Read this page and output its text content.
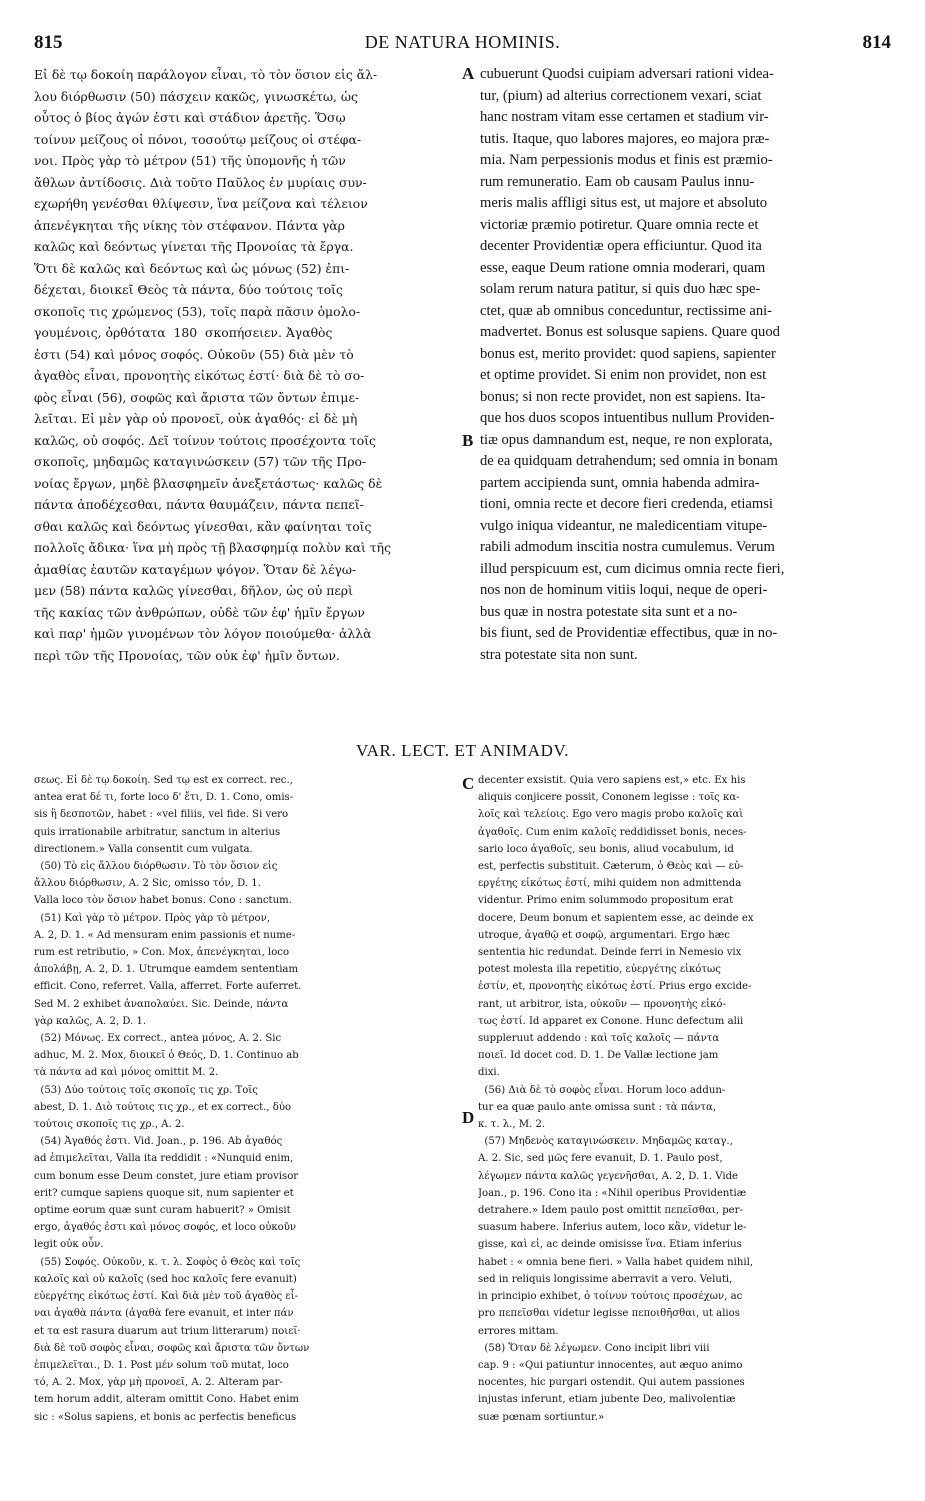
815	DE NATURA HOMINIS.	814
Εἰ δὲ τῳ δοκοίη παράλογον εἶναι, τὸ τὸν ὅσιον εἰς ἄλ-
λου διόρθωσιν (50) πάσχειν κακῶς, γινωσκέτω, ὡς
οὗτος ὁ βίος ἀγών ἐστι καὶ στάδιον ἀρετῆς. Ὅσῳ
τοίνυν μείζους οἱ πόνοι, τοσούτῳ μείζους οἱ στέφα-
νοι. Πρὸς γὰρ τὸ μέτρον (51) τῆς ὑπομονῆς ἡ τῶν
ἄθλων ἀντίδοσις. Διὰ τοῦτο Παῦλος ἐν μυρίαις συν-
εχωρήθη γενέσθαι θλίψεσιν, ἵνα μείζονα καὶ τέλειον
ἀπενέγκηται τῆς νίκης τὸν στέφανον. Πάντα γὰρ
καλῶς καὶ δεόντως γίνεται τῆς Προνοίας τὰ ἔργα.
Ὅτι δὲ καλῶς καὶ δεόντως καὶ ὡς μόνως (52) ἐπι-
δέχεται, διοικεῖ Θεὸς τὰ πάντα, δύο τούτοις τοῖς
σκοποῖς τις χρώμενος (53), τοῖς παρὰ πᾶσιν ὁμολο-
γουμένοις, ὀρθότατα  180  σκοπήσειεν. Ἀγαθὸς
ἐστι (54) καὶ μόνος σοφός. Οὐκοῦν (55) διὰ μὲν τὸ
ἀγαθὸς εἶναι, προνοητὴς εἰκότως ἐστί· διὰ δὲ τὸ σο-
φὸς εἶναι (56), σοφῶς καὶ ἄριστα τῶν ὄντων ἐπιμε-
λεῖται. Εἰ μὲν γὰρ οὐ προνοεῖ, οὐκ ἀγαθός· εἰ δὲ μὴ
καλῶς, οὐ σοφός. Δεῖ τοίνυν τούτοις προσέχοντα τοῖς
σκοποῖς, μηδαμῶς καταγινώσκειν (57) τῶν τῆς Προ-
νοίας ἔργων, μηδὲ βλασφημεῖν ἀνεξετάστως· καλῶς δὲ
πάντα ἀποδέχεσθαι, πάντα θαυμάζειν, πάντα πεπεῖ-
σθαι καλῶς καὶ δεόντως γίνεσθαι, κἂν φαίνηται τοῖς
πολλοῖς ἄδικα· ἵνα μὴ πρὸς τῇ βλασφημίᾳ πολὺν καὶ τῆς
ἀμαθίας ἑαυτῶν καταγέμων ψόγον. Ὅταν δὲ λέγω-
μεν (58) πάντα καλῶς γίνεσθαι, δῆλον, ὡς οὐ περὶ
τῆς κακίας τῶν ἀνθρώπων, οὐδὲ τῶν ἐφ' ἡμῖν ἔργων
καὶ παρ' ἡμῶν γινομένων τὸν λόγον ποιούμεθα· ἀλλὰ
περὶ τῶν τῆς Προνοίας, τῶν οὐκ ἐφ' ἡμῖν ὄντων.
A
B
cubuerunt Quodsi cuipiam adversari rationi videa-
tur, (pium) ad alterius correctionem vexari, sciat
hanc nostram vitam esse certamen et stadium vir-
tutis. Itaque, quo labores majores, eo majora præ-
mia. Nam perpessionis modus et finis est præmio-
rum remuneratio. Eam ob causam Paulus innu-
meris malis affligi situs est, ut majore et absoluto
victoriæ præmio potiretur. Quare omnia recte et
decenter Providentiæ opera efficiuntur. Quod ita
esse, eaque Deum ratione omnia moderari, quam
solam rerum natura patitur, si quis duo hæc spe-
ctet, quæ ab omnibus conceduntur, rectissime ani-
madvertet. Bonus est solusque sapiens. Quare quod
bonus est, merito providet: quod sapiens, sapienter
et optime providet. Si enim non providet, non est
bonus; si non recte providet, non est sapiens. Ita-
que hos duos scopos intuentibus nullum Providen-
tiæ opus damnandum est, neque, re non explorata,
de ea quidquam detrahendum; sed omnia in bonam
partem accipienda sunt, omnia habenda admira-
tioni, omnia recte et decore fieri credenda, etiamsi
vulgo iniqua videantur, ne maledicentiam vitupe-
rabili admodum inscitia nostra cumulemus. Verum
illud perspicuum est, cum dicimus omnia recte fieri,
nos non de hominum vitiis loqui, neque de operi-
bus quæ in nostra potestate sita sunt et a no-
bis fiunt, sed de Providentiæ effectibus, quæ in no-
stra potestate sita non sunt.
VAR. LECT. ET ANIMADV.
σεως. Εἰ δὲ τῳ δοκοίη. Sed τῳ est ex correct. rec.,
antea erat δέ τι, forte loco δ' ἔτι, D. 1. Cono, omis-
sis ἢ δεσποτῶν, habet : «vel filiis, vel fide. Si vero
quis irrationabile arbitratur, sanctum in alterius
directionem.» Valla consentit cum vulgata.
(50) Τὸ εἰς ἄλλου διόρθωσιν. Τὸ τὸν ὅσιον εἰς
ἄλλου διόρθωσιν, A. 2 Sic, omisso τόν, D. 1.
Valla loco τὸν ὅσιον habet bonus. Cono : sanctum.
(51) Καὶ γὰρ τὸ μέτρον. Πρὸς γὰρ τὸ μέτρον,
A. 2, D. 1. « Ad mensuram enim passionis et nume-
rum est retributio, » Con. Mox, ἀπενέγκηται, loco
ἀπολάβῃ, A. 2, D. 1. Utrumque eamdem sententiam
efficit. Cono, referret. Valla, afferret. Forte auferret.
Sed M. 2 exhibet ἀναπολαύει. Sic. Deinde, πάντα
γὰρ καλῶς, A. 2, D. 1.
(52) Μόνως. Ex correct., antea μόνος, A. 2. Sic
adhuc, M. 2. Mox, διοικεῖ ὁ Θεός, D. 1. Continuo ab
τὰ πάντα ad καὶ μόνος omittit M. 2.
(53) Δύο τούτοις τοῖς σκοποῖς τις χρ. Τοῖς
abest, D. 1. Διὸ τούτοις τις χρ., et ex correct., δύο
τούτοις σκοποῖς τις χρ., A. 2.
(54) Ἀγαθός ἐστι. Vid. Joan., p. 196. Ab ἀγαθός
ad ἐπιμελεῖται, Valla ita reddidit : «Nunquid enim,
cum bonum esse Deum constet, jure etiam provisor
erit? cumque sapiens quoque sit, num sapienter et
optime eorum quæ sunt curam habuerit? » Omisit
ergo, ἀγαθός ἐστι καὶ μόνος σοφός, et loco οὐκοῦν
legit οὐκ οὖν.
(55) Σοφός. Οὐκοῦν, κ. τ. λ. Σοφὸς ὁ Θεὸς καὶ τοῖς
καλοῖς καὶ οὐ καλοῖς (sed hoc καλοῖς fere evanuit)
εὐεργέτης εἰκότως ἐστί. Καὶ διὰ μὲν τοῦ ἀγαθὸς εἶ-
ναι ἀγαθὰ πάντα (ἀγαθὰ fere evanuit, et inter πάν
et τα est rasura duarum aut trium litterarum) ποιεῖ·
διὰ δὲ τοῦ σοφὸς εἶναι, σοφῶς καὶ ἄριστα τῶν ὄντων
ἐπιμελεῖται., D. 1. Post μέν solum τοῦ mutat, loco
τό, A. 2. Mox, γὰρ μὴ προνοεῖ, A. 2. Alteram par-
tem horum addit, alteram omittit Cono. Habet enim
sic : «Solus sapiens, et bonis ac perfectis beneficus
C
D
decenter exsistit. Quia vero sapiens est,» etc. Ex his
aliquis conjicere possit, Cononem legisse : τοῖς κα-
λοῖς καὶ τελείοις. Ego vero magis probo καλοῖς καὶ
ἀγαθοῖς. Cum enim καλοῖς reddidisset bonis, neces-
sario loco ἀγαθοῖς, seu bonis, aliud vocabulum, id
est, perfectis substituit. Cæterum, ὁ Θεὸς καὶ — εὐ-
εργέτης εἰκότως ἐστί, mihi quidem non admittenda
videntur. Primo enim solummodo propositum erat
docere, Deum bonum et sapientem esse, ac deinde ex
utroque, ἀγαθῷ et σοφῷ, argumentari. Ergo hæc
sententia hic redundat. Deinde ferri in Nemesio vix
potest molesta illa repetitio, εὐεργέτης εἰκότως
ἐστίν, et, προνοητὴς εἰκότως ἐστί. Prius ergo excide-
rant, ut arbitror, ista, οὐκοῦν — προνοητὴς εἰκό-
τως ἐστί. Id apparet ex Conone. Hunc defectum alii
suppleruut addendo : καὶ τοῖς καλοῖς — πάντα
ποιεῖ. Id docet cod. D. 1. De Vallæ lectione jam
dixi.
(56) Διὰ δὲ τὸ σοφὸς εἶναι. Horum loco addun-
tur ea quæ paulo ante omissa sunt : τὰ πάντα,
κ. τ. λ., M. 2.
(57) Μηδενὸς καταγινώσκειν. Μηδαμῶς καταγ.,
A. 2. Sic, sed μῶς fere evanuit, D. 1. Paulo post,
λέγωμεν πάντα καλῶς γεγενῆσθαι, A. 2, D. 1. Vide
Joan., p. 196. Cono ita : «Nihil operibus Providentiæ
detrahere.» Idem paulo post omittit πεπεῖσθαι, per-
suasum habere. Inferius autem, loco κἂν, videtur le-
gisse, καὶ εἰ, ac deinde omisisse ἵνα. Etiam inferius
habet : « omnia bene fieri. » Valla habet quidem nihil,
sed in reliquis longissime aberravit a vero. Veluti,
in principio exhibet, ὁ τοίνυν τούτοις προσέχων, ac
pro πεπεῖσθαι videtur legisse πεποιθῆσθαι, ut alios
errores mittam.
(58) Ὅταν δὲ λέγωμεν. Cono incipit libri viii
cap. 9 : «Qui patiuntur innocentes, aut æquo animo
nocentes, hic purgari ostendit. Qui autem passiones
injustas inferunt, etiam jubente Deo, malivolentiæ
suæ pœnam sortiuntur.»
